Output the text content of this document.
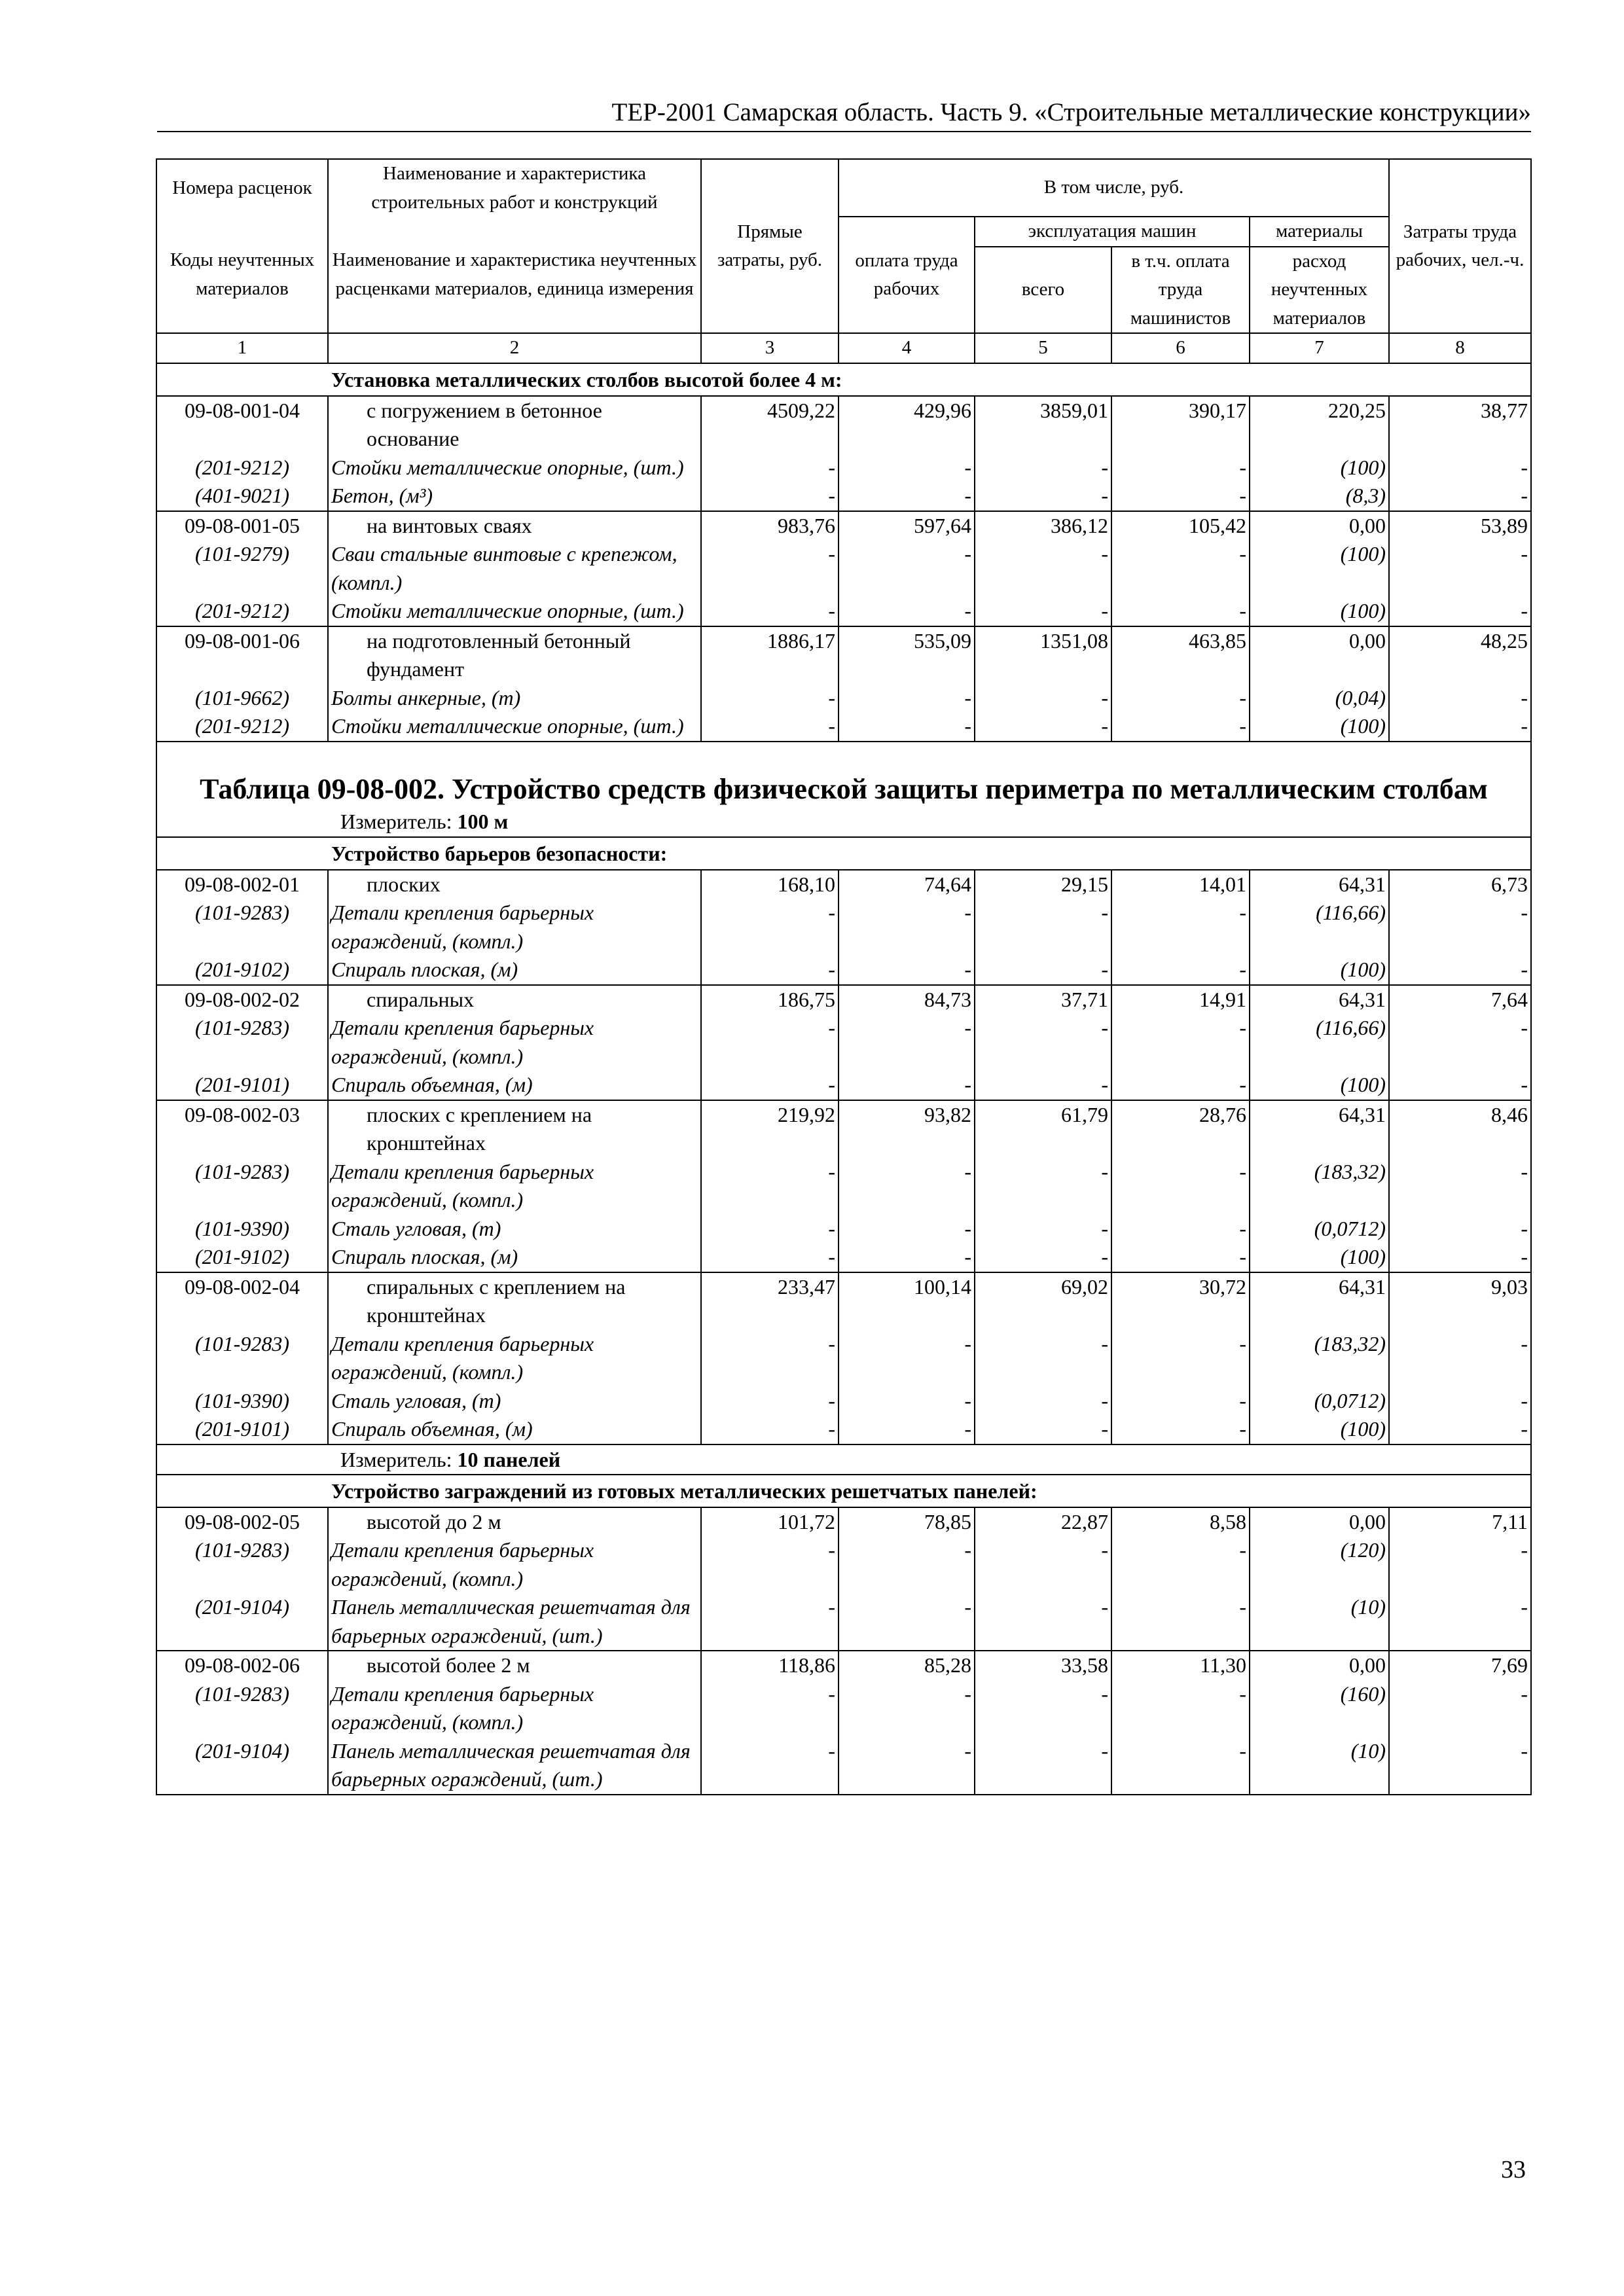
ТЕР-2001 Самарская область. Часть 9. «Строительные металлические конструкции»
Номера расценок	Наименование и характеристика строительных работ и конструкций	Прямые затраты, руб.	В том числе, руб.				Затраты труда рабочих, чел.-ч.
Коды неучтенных материалов	Наименование и характеристика неучтенных расценками материалов, единица измерения		оплата труда рабочих	эксплуатация машин		материалы	
				всего	в т.ч. оплата труда машинистов	расход неучтенных материалов	

1	2	3	4	5	6	7	8
Установка металлических столбов высотой более 4 м:							
09-08-001-04	с погружением в бетонное основание	4509,22	429,96	3859,01	390,17	220,25	38,77
(201-9212)	Стойки металлические опорные, (шт.)	-	-	-	-	(100)	-
(401-9021)	Бетон, (м³)	-	-	-	-	(8,3)	-
09-08-001-05	на винтовых сваях	983,76	597,64	386,12	105,42	0,00	53,89
(101-9279)	Сваи стальные винтовые с крепежом, (компл.)	-	-	-	-	(100)	-
(201-9212)	Стойки металлические опорные, (шт.)	-	-	-	-	(100)	-
09-08-001-06	на подготовленный бетонный фундамент	1886,17	535,09	1351,08	463,85	0,00	48,25
(101-9662)	Болты анкерные, (т)	-	-	-	-	(0,04)	-
(201-9212)	Стойки металлические опорные, (шт.)	-	-	-	-	(100)	-
Таблица 09-08-002. Устройство средств физической защиты периметра по металлическим столбам							
Измеритель: 100 м							
Устройство барьеров безопасности:							
09-08-002-01	плоских	168,10	74,64	29,15	14,01	64,31	6,73
(101-9283)	Детали крепления барьерных ограждений, (компл.)	-	-	-	-	(116,66)	-
(201-9102)	Спираль плоская, (м)	-	-	-	-	(100)	-
09-08-002-02	спиральных	186,75	84,73	37,71	14,91	64,31	7,64
(101-9283)	Детали крепления барьерных ограждений, (компл.)	-	-	-	-	(116,66)	-
(201-9101)	Спираль объемная, (м)	-	-	-	-	(100)	-
09-08-002-03	плоских с креплением на кронштейнах	219,92	93,82	61,79	28,76	64,31	8,46
(101-9283)	Детали крепления барьерных ограждений, (компл.)	-	-	-	-	(183,32)	-
(101-9390)	Сталь угловая, (т)	-	-	-	-	(0,0712)	-
(201-9102)	Спираль плоская, (м)	-	-	-	-	(100)	-
09-08-002-04	спиральных с креплением на кронштейнах	233,47	100,14	69,02	30,72	64,31	9,03
(101-9283)	Детали крепления барьерных ограждений, (компл.)	-	-	-	-	(183,32)	-
(101-9390)	Сталь угловая, (т)	-	-	-	-	(0,0712)	-
(201-9101)	Спираль объемная, (м)	-	-	-	-	(100)	-
Измеритель: 10 панелей							
Устройство заграждений из готовых металлических решетчатых панелей:							
09-08-002-05	высотой до 2 м	101,72	78,85	22,87	8,58	0,00	7,11
(101-9283)	Детали крепления барьерных ограждений, (компл.)	-	-	-	-	(120)	-
(201-9104)	Панель металлическая решетчатая для барьерных ограждений, (шт.)	-	-	-	-	(10)	-
09-08-002-06	высотой более 2 м	118,86	85,28	33,58	11,30	0,00	7,69
(101-9283)	Детали крепления барьерных ограждений, (компл.)	-	-	-	-	(160)	-
(201-9104)	Панель металлическая решетчатая для барьерных ограждений, (шт.)	-	-	-	-	(10)	-
33
